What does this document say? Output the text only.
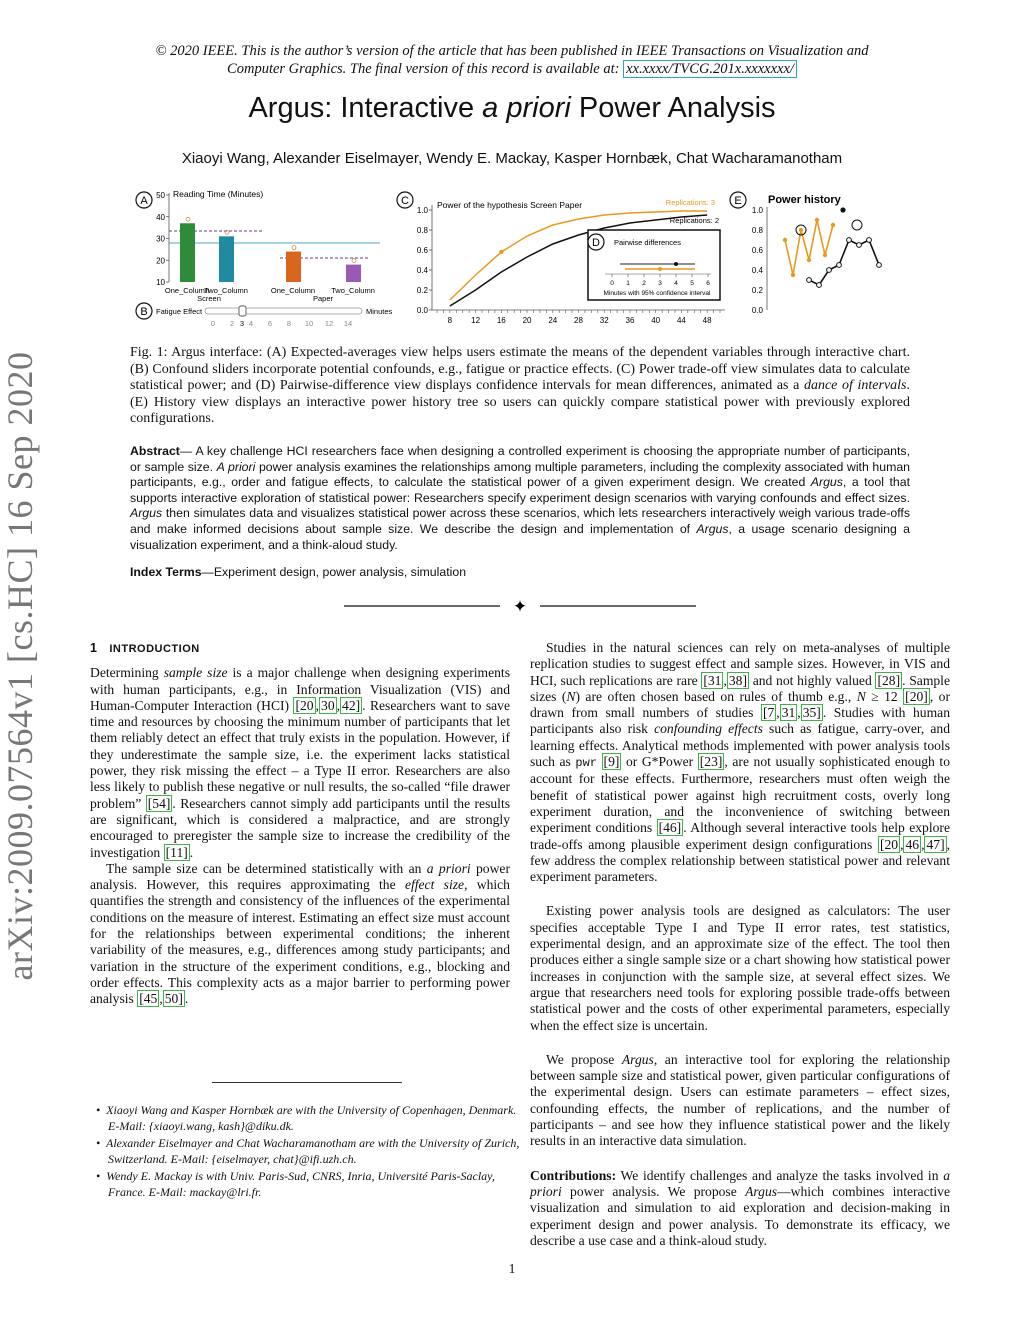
© 2020 IEEE. This is the author’s version of the article that has been published in IEEE Transactions on Visualization and
Computer Graphics. The final version of this record is available at: xx.xxxx/TVCG.201x.xxxxxxx/
Argus: Interactive a priori Power Analysis
Xiaoyi Wang, Alexander Eiselmayer, Wendy E. Mackay, Kasper Hornbæk, Chat Wacharamanotham
arXiv:2009.07564v1 [cs.HC] 16 Sep 2020
A
Reading Time (Minutes)
50
40
30
20
10
One_Column
Two_Column	One_Column Two_Column
Screen	Paper
B Fatigue Effect	Minutes
0 2 3 4 6 8 10 12 14
C	Power of the hypothesis Screen Paper
1.0
0.8
0.6
0.4
0.2
0.0
8 12 16 20 24 28 32 36 40 44 48
Replications: 3
Replications: 2
D Pairwise differences
0 1 2 3 4 5 6
Minutes with 95% confidence interval
E Power history
1.0
0.8
0.6
0.4
0.2
0.0
Fig. 1: Argus interface: (A) Expected-averages view helps users estimate the means of the dependent variables through interactive chart. (B) Confound sliders incorporate potential confounds, e.g., fatigue or practice effects. (C) Power trade-off view simulates data to calculate statistical power; and (D) Pairwise-difference view displays confidence intervals for mean differences, animated as a dance of intervals. (E) History view displays an interactive power history tree so users can quickly compare statistical power with previously explored configurations.
Abstract— A key challenge HCI researchers face when designing a controlled experiment is choosing the appropriate number of participants, or sample size. A priori power analysis examines the relationships among multiple parameters, including the complexity associated with human participants, e.g., order and fatigue effects, to calculate the statistical power of a given experiment design. We created Argus, a tool that supports interactive exploration of statistical power: Researchers specify experiment design scenarios with varying confounds and effect sizes. Argus then simulates data and visualizes statistical power across these scenarios, which lets researchers interactively weigh various trade-offs and make informed decisions about sample size. We describe the design and implementation of Argus, a usage scenario designing a visualization experiment, and a think-aloud study.
Index Terms—Experiment design, power analysis, simulation
✦
1 INTRODUCTION

Determining sample size is a major challenge when designing experiments with human participants, e.g., in Information Visualization (VIS) and Human-Computer Interaction (HCI) [20 , 30 , 42] . Researchers want to save time and resources by choosing the minimum number of participants that let them reliably detect an effect that truly exists in the population. However, if they underestimate the sample size, i.e. the experiment lacks statistical power, they risk missing the effect – a Type II error. Researchers are also less likely to publish these negative or null results, the so-called “file drawer problem” [54] . Researchers cannot simply add participants until the results are significant, which is considered a malpractice, and are strongly encouraged to preregister the sample size to increase the credibility of the investigation [11] .

The sample size can be determined statistically with an a priori power analysis. However, this requires approximating the effect size, which quantifies the strength and consistency of the influences of the experimental conditions on the measure of interest. Estimating an effect size must account for the relationships between experimental conditions; the inherent variability of the measures, e.g., differences among study participants; and variation in the structure of the experiment conditions, e.g., blocking and order effects. This complexity acts as a major barrier to performing power analysis [45 , 50] .

Studies in the natural sciences can rely on meta-analyses of multiple replication studies to suggest effect and sample sizes. However, in VIS and HCI, such replications are rare [31 , 38] and not highly valued [28] . Sample sizes (N) are often chosen based on rules of thumb e.g., N ≥ 12 [20] , or drawn from small numbers of studies [7 , 31 , 35] . Studies with human participants also risk confounding effects such as fatigue, carry-over, and learning effects. Analytical methods implemented with power analysis tools such as pwr [9] or G*Power [23] , are not usually sophisticated enough to account for these effects. Furthermore, researchers must often weigh the benefit of statistical power against high recruitment costs, overly long experiment duration, and the inconvenience of switching between experiment conditions [46] . Although several interactive tools help explore trade-offs among plausible experiment design configurations [20 , 46 , 47] , few address the complex relationship between statistical power and relevant experiment parameters.

Existing power analysis tools are designed as calculators: The user specifies acceptable Type I and Type II error rates, test statistics, experimental design, and an approximate size of the effect. The tool then produces either a single sample size or a chart showing how statistical power increases in conjunction with the sample size, at several effect sizes. We argue that researchers need tools for exploring possible trade-offs between statistical power and the costs of other experimental parameters, especially when the effect size is uncertain.

We propose Argus, an interactive tool for exploring the relationship between sample size and statistical power, given particular configurations of the experimental design. Users can estimate parameters – effect sizes, confounding effects, the number of replications, and the number of participants – and see how they influence statistical power and the likely results in an interactive data simulation.

Contributions: We identify challenges and analyze the tasks involved in a priori power analysis. We propose Argus—which combines interactive visualization and simulation to aid exploration and decision-making in experiment design and power analysis. To demonstrate its efficacy, we describe a use case and a think-aloud study.

•  Xiaoyi Wang and Kasper Hornbæk are with the University of Copenhagen, Denmark. E-Mail: {xiaoyi.wang, kash}@diku.dk.
•  Alexander Eiselmayer and Chat Wacharamanotham are with the University of Zurich, Switzerland. E-Mail: {eiselmayer, chat}@ifi.uzh.ch.
•  Wendy E. Mackay is with Univ. Paris-Sud, CNRS, Inria, Université Paris-Saclay, France. E-Mail: mackay@lri.fr.
1
